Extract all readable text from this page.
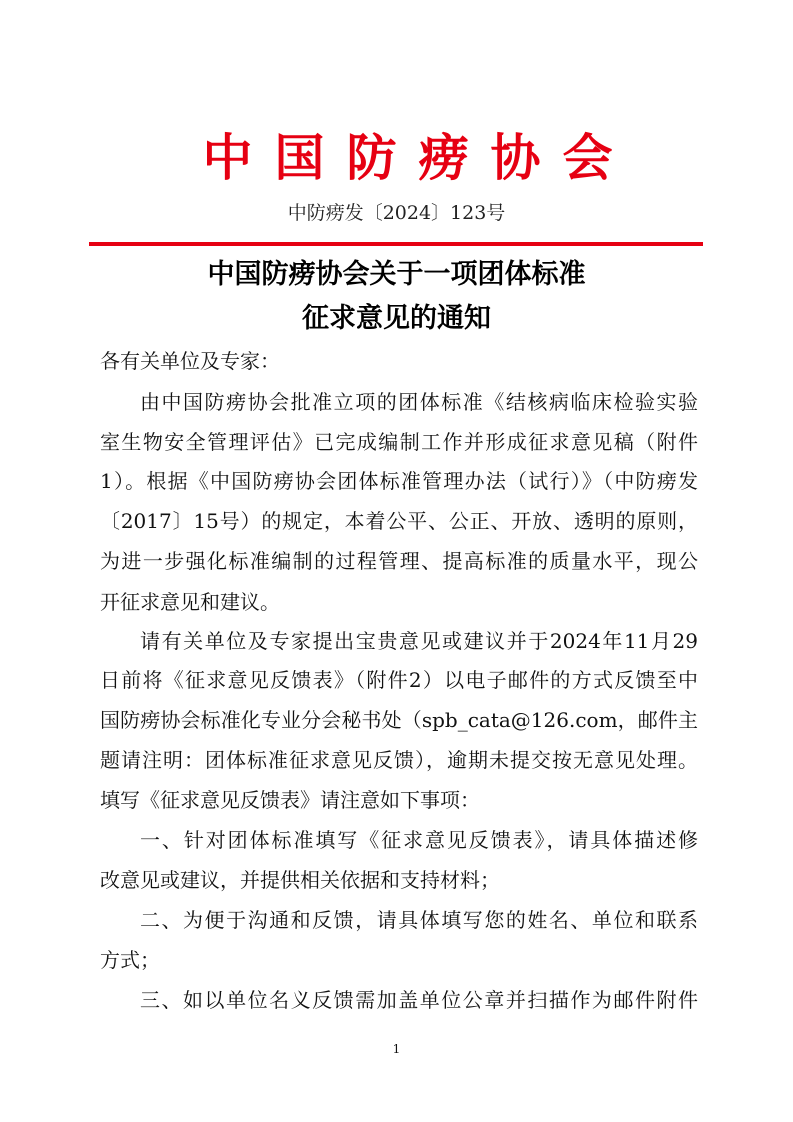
中国防痨协会
中防痨发〔2024〕123号
中国防痨协会关于一项团体标准
征求意见的通知
各有关单位及专家：
由中国防痨协会批准立项的团体标准《结核病临床检验实验
室生物安全管理评估》已完成编制工作并形成征求意见稿（附件
1）。根据《中国防痨协会团体标准管理办法（试行）》（中防痨发
〔2017〕15号）的规定，本着公平、公正、开放、透明的原则，
为进一步强化标准编制的过程管理、提高标准的质量水平，现公
开征求意见和建议。
请有关单位及专家提出宝贵意见或建议并于2024年11月29
日前将《征求意见反馈表》（附件2）以电子邮件的方式反馈至中
国防痨协会标准化专业分会秘书处（spb_cata@126.com，邮件主
题请注明：团体标准征求意见反馈），逾期未提交按无意见处理。
填写《征求意见反馈表》请注意如下事项：
一、针对团体标准填写《征求意见反馈表》，请具体描述修
改意见或建议，并提供相关依据和支持材料；
二、为便于沟通和反馈，请具体填写您的姓名、单位和联系
方式；
三、如以单位名义反馈需加盖单位公章并扫描作为邮件附件
1
